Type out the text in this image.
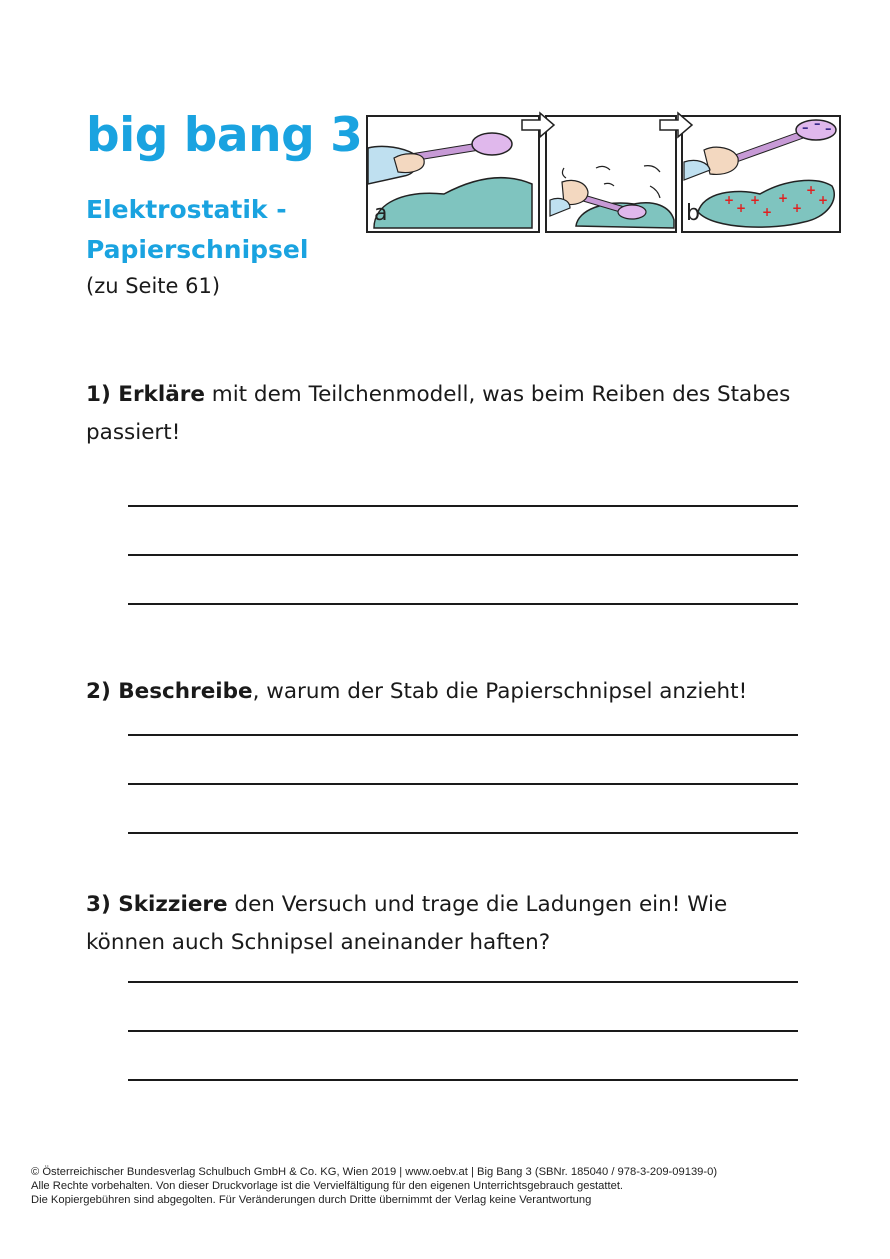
big bang 3
Elektrostatik - Papierschnipsel
(zu Seite 61)
a
– – –
+
+
+
+
+
+
+
+
b

1) Erkläre mit dem Teilchenmodell, was beim Reiben des Stabes passiert!

2) Beschreibe, warum der Stab die Papierschnipsel anzieht!

3) Skizziere den Versuch und trage die Ladungen ein! Wie können auch Schnipsel aneinander haften?

© Österreichischer Bundesverlag Schulbuch GmbH & Co. KG, Wien 2019 | www.oebv.at | Big Bang 3 (SBNr. 185040 / 978-3-209-09139-0)
Alle Rechte vorbehalten. Von dieser Druckvorlage ist die Vervielfältigung für den eigenen Unterrichtsgebrauch gestattet.
Die Kopiergebühren sind abgegolten. Für Veränderungen durch Dritte übernimmt der Verlag keine Verantwortung
